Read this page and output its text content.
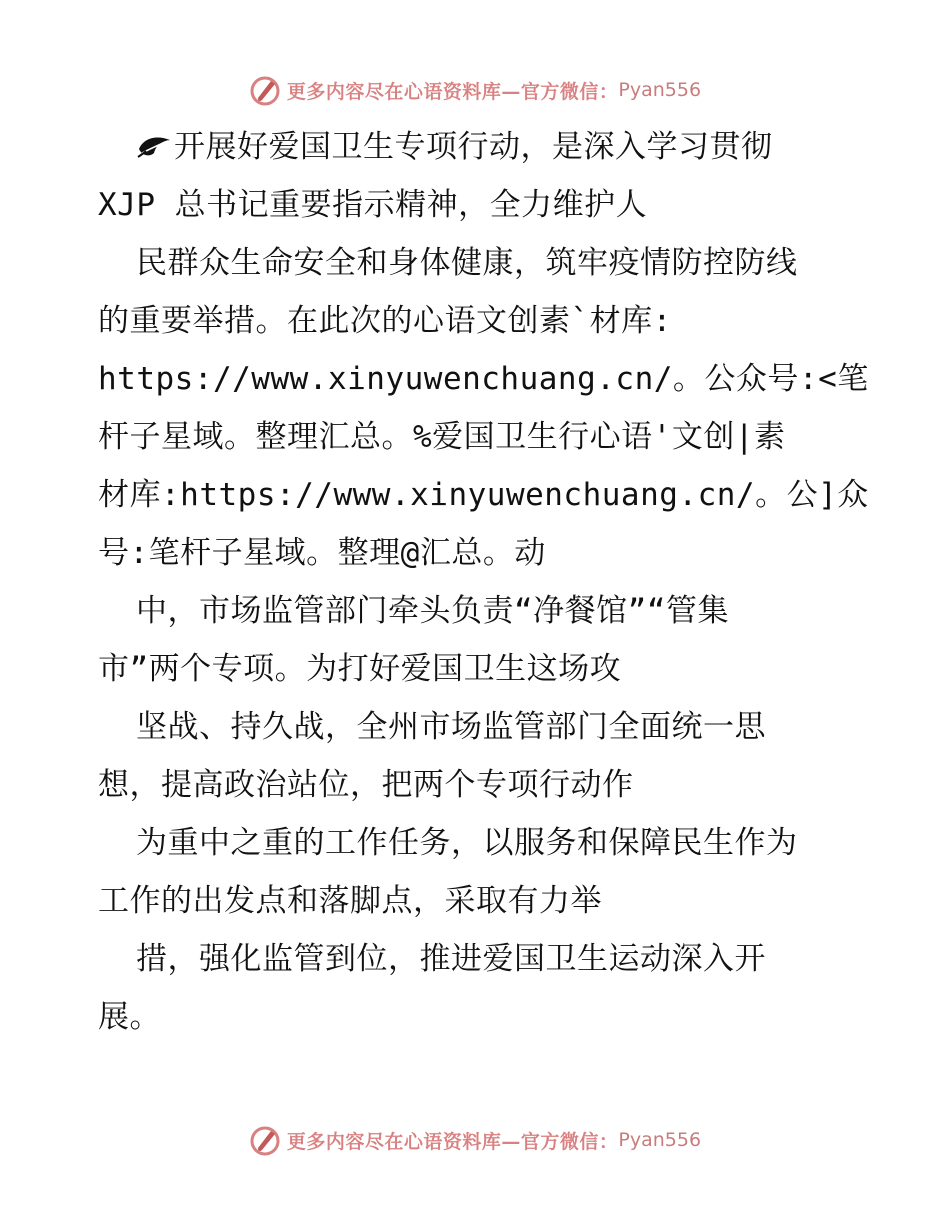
更多内容尽在心语资料库—官方微信： Pyan556
开展好爱国卫生专项行动，是深入学习贯彻
XJP 总书记重要指示精神，全力维护人
民群众生命安全和身体健康，筑牢疫情防控防线
的重要举措。在此次的心语文创素`材库:
https://www.xinyuwenchuang.cn/。公众号:<笔
杆子星域。整理汇总。%爱国卫生行心语'文创|素
材库:https://www.xinyuwenchuang.cn/。公]众
号:笔杆子星域。整理@汇总。动
中，市场监管部门牵头负责“净餐馆”“管集
市”两个专项。为打好爱国卫生这场攻
坚战、持久战，全州市场监管部门全面统一思
想，提高政治站位，把两个专项行动作
为重中之重的工作任务，以服务和保障民生作为
工作的出发点和落脚点，采取有力举
措，强化监管到位，推进爱国卫生运动深入开
展。
更多内容尽在心语资料库—官方微信： Pyan556
